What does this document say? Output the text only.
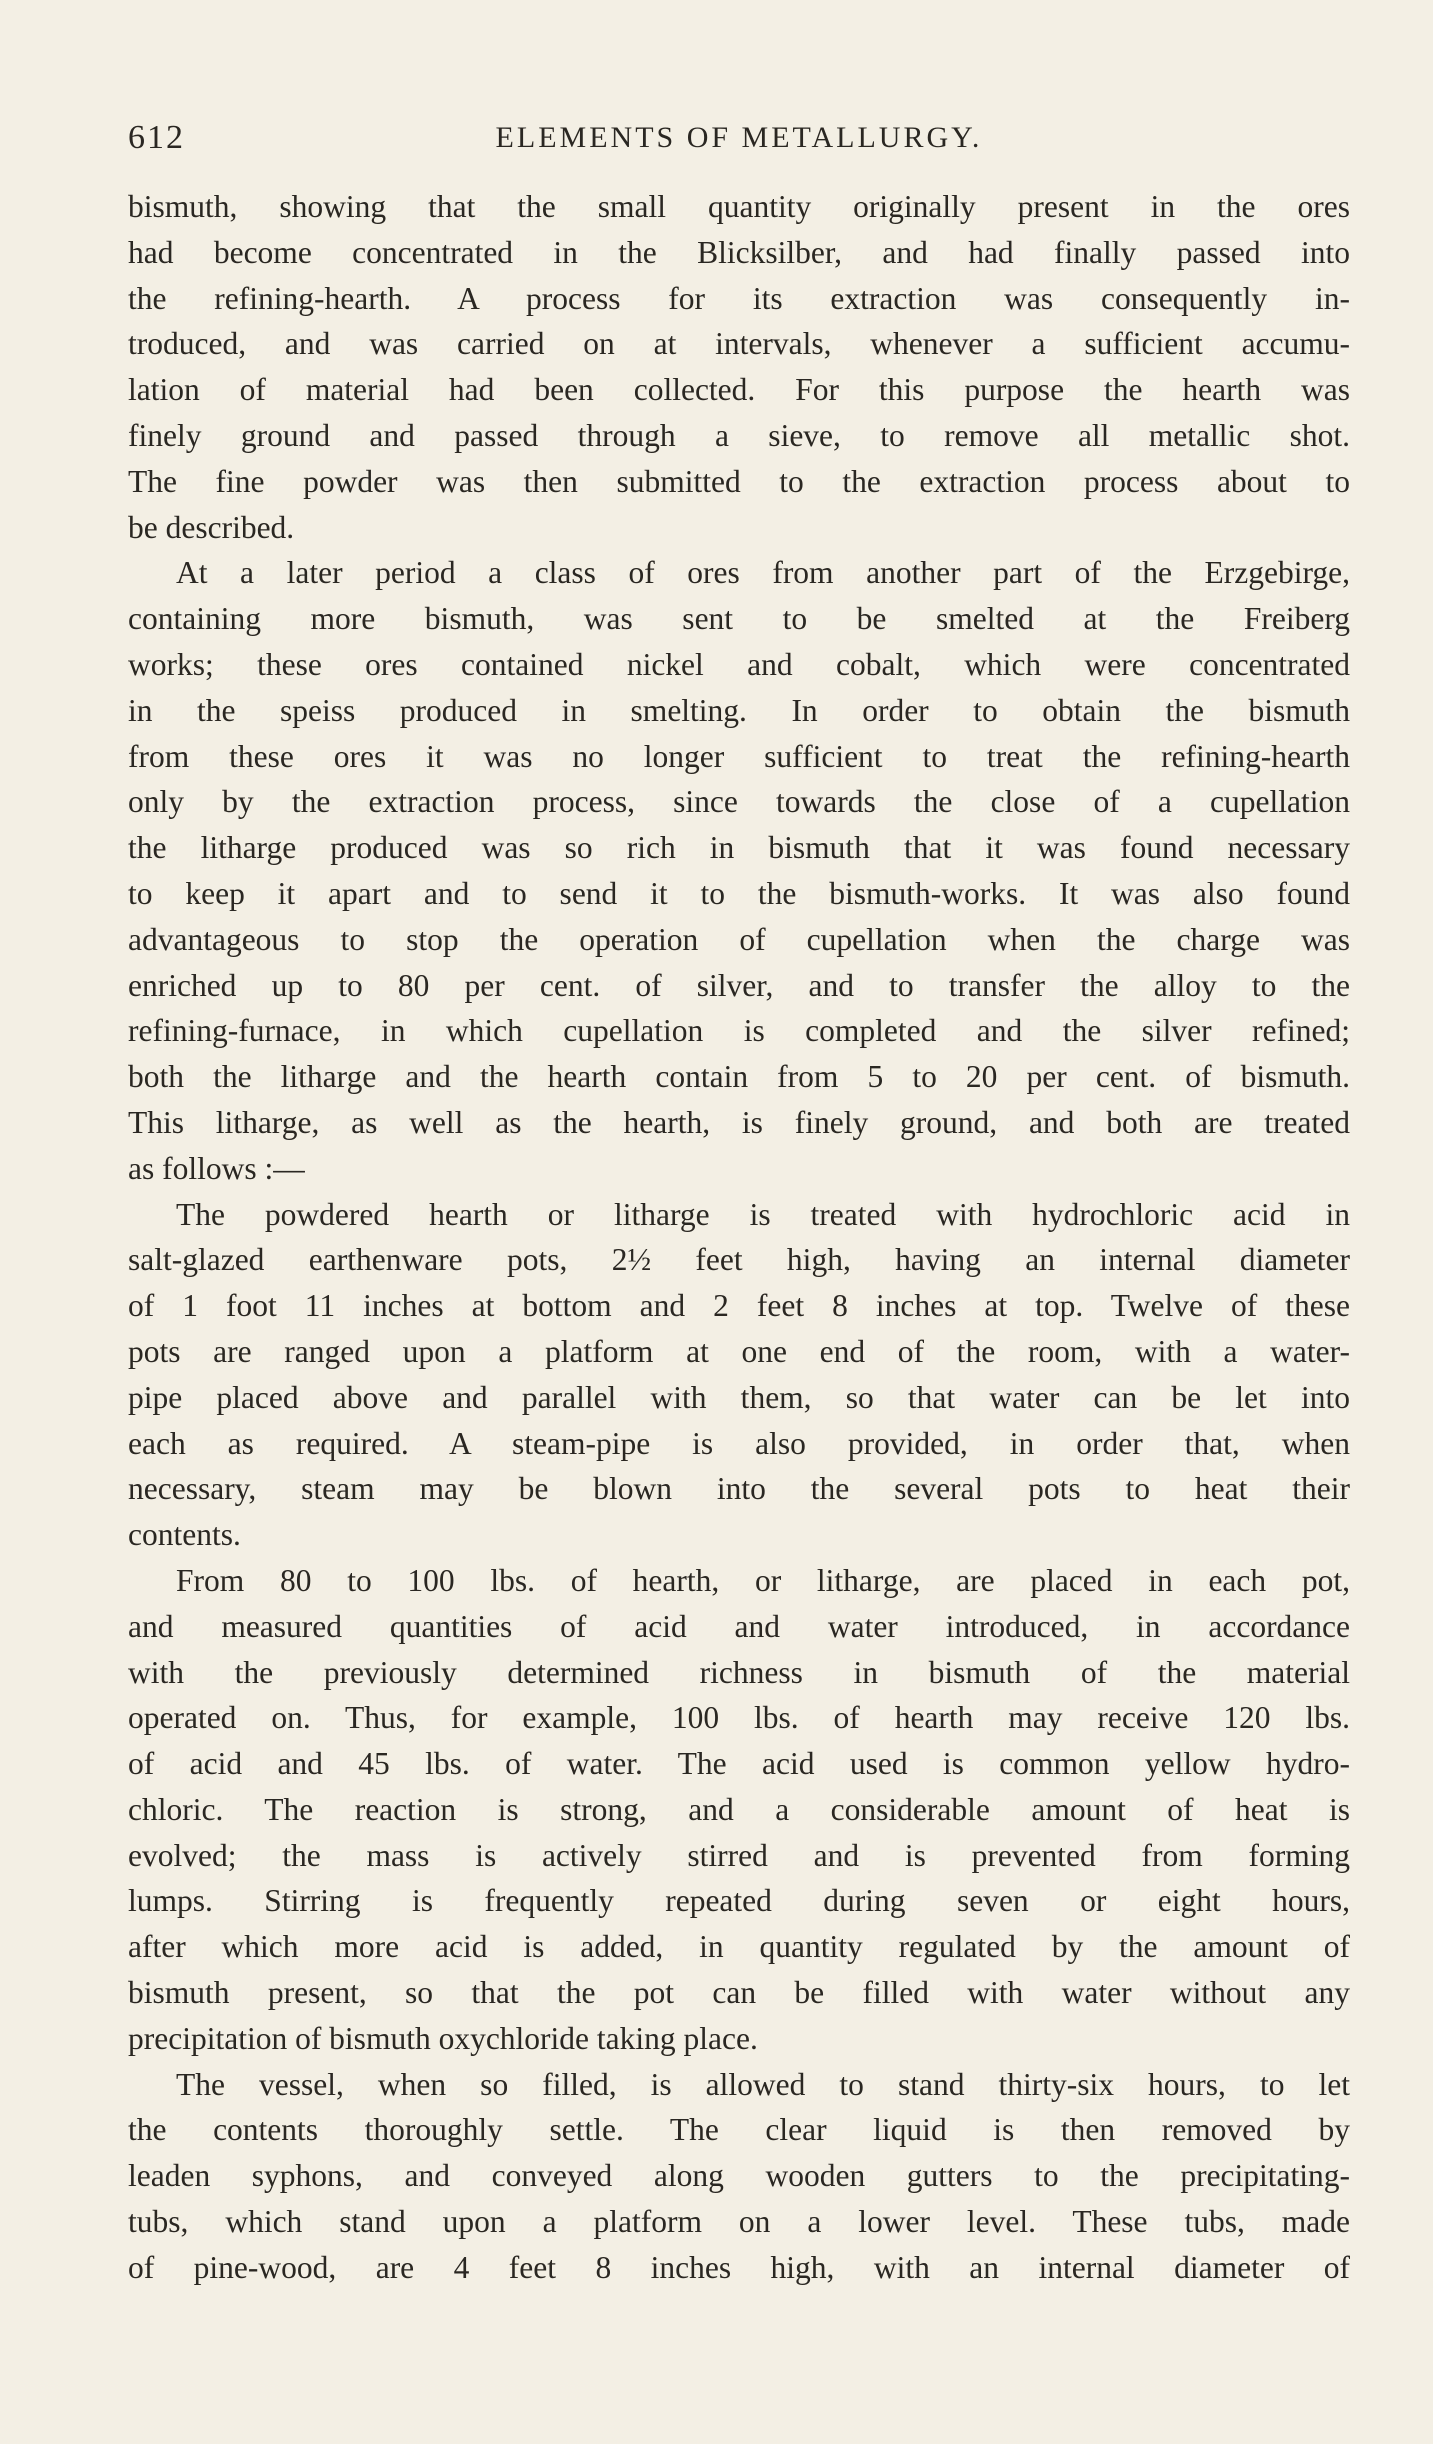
612	ELEMENTS OF METALLURGY.
bismuth, showing that the small quantity originally present in the ores
had become concentrated in the Blicksilber, and had finally passed into
the refining-hearth. A process for its extraction was consequently in-
troduced, and was carried on at intervals, whenever a sufficient accumu-
lation of material had been collected. For this purpose the hearth was
finely ground and passed through a sieve, to remove all metallic shot.
The fine powder was then submitted to the extraction process about to
be described.
At a later period a class of ores from another part of the Erzgebirge,
containing more bismuth, was sent to be smelted at the Freiberg
works; these ores contained nickel and cobalt, which were concentrated
in the speiss produced in smelting. In order to obtain the bismuth
from these ores it was no longer sufficient to treat the refining-hearth
only by the extraction process, since towards the close of a cupellation
the litharge produced was so rich in bismuth that it was found necessary
to keep it apart and to send it to the bismuth-works. It was also found
advantageous to stop the operation of cupellation when the charge was
enriched up to 80 per cent. of silver, and to transfer the alloy to the
refining-furnace, in which cupellation is completed and the silver refined;
both the litharge and the hearth contain from 5 to 20 per cent. of bismuth.
This litharge, as well as the hearth, is finely ground, and both are treated
as follows :—
The powdered hearth or litharge is treated with hydrochloric acid in
salt-glazed earthenware pots, 2½ feet high, having an internal diameter
of 1 foot 11 inches at bottom and 2 feet 8 inches at top. Twelve of these
pots are ranged upon a platform at one end of the room, with a water-
pipe placed above and parallel with them, so that water can be let into
each as required. A steam-pipe is also provided, in order that, when
necessary, steam may be blown into the several pots to heat their
contents.
From 80 to 100 lbs. of hearth, or litharge, are placed in each pot,
and measured quantities of acid and water introduced, in accordance
with the previously determined richness in bismuth of the material
operated on. Thus, for example, 100 lbs. of hearth may receive 120 lbs.
of acid and 45 lbs. of water. The acid used is common yellow hydro-
chloric. The reaction is strong, and a considerable amount of heat is
evolved; the mass is actively stirred and is prevented from forming
lumps. Stirring is frequently repeated during seven or eight hours,
after which more acid is added, in quantity regulated by the amount of
bismuth present, so that the pot can be filled with water without any
precipitation of bismuth oxychloride taking place.
The vessel, when so filled, is allowed to stand thirty-six hours, to let
the contents thoroughly settle. The clear liquid is then removed by
leaden syphons, and conveyed along wooden gutters to the precipitating-
tubs, which stand upon a platform on a lower level. These tubs, made
of pine-wood, are 4 feet 8 inches high, with an internal diameter of
